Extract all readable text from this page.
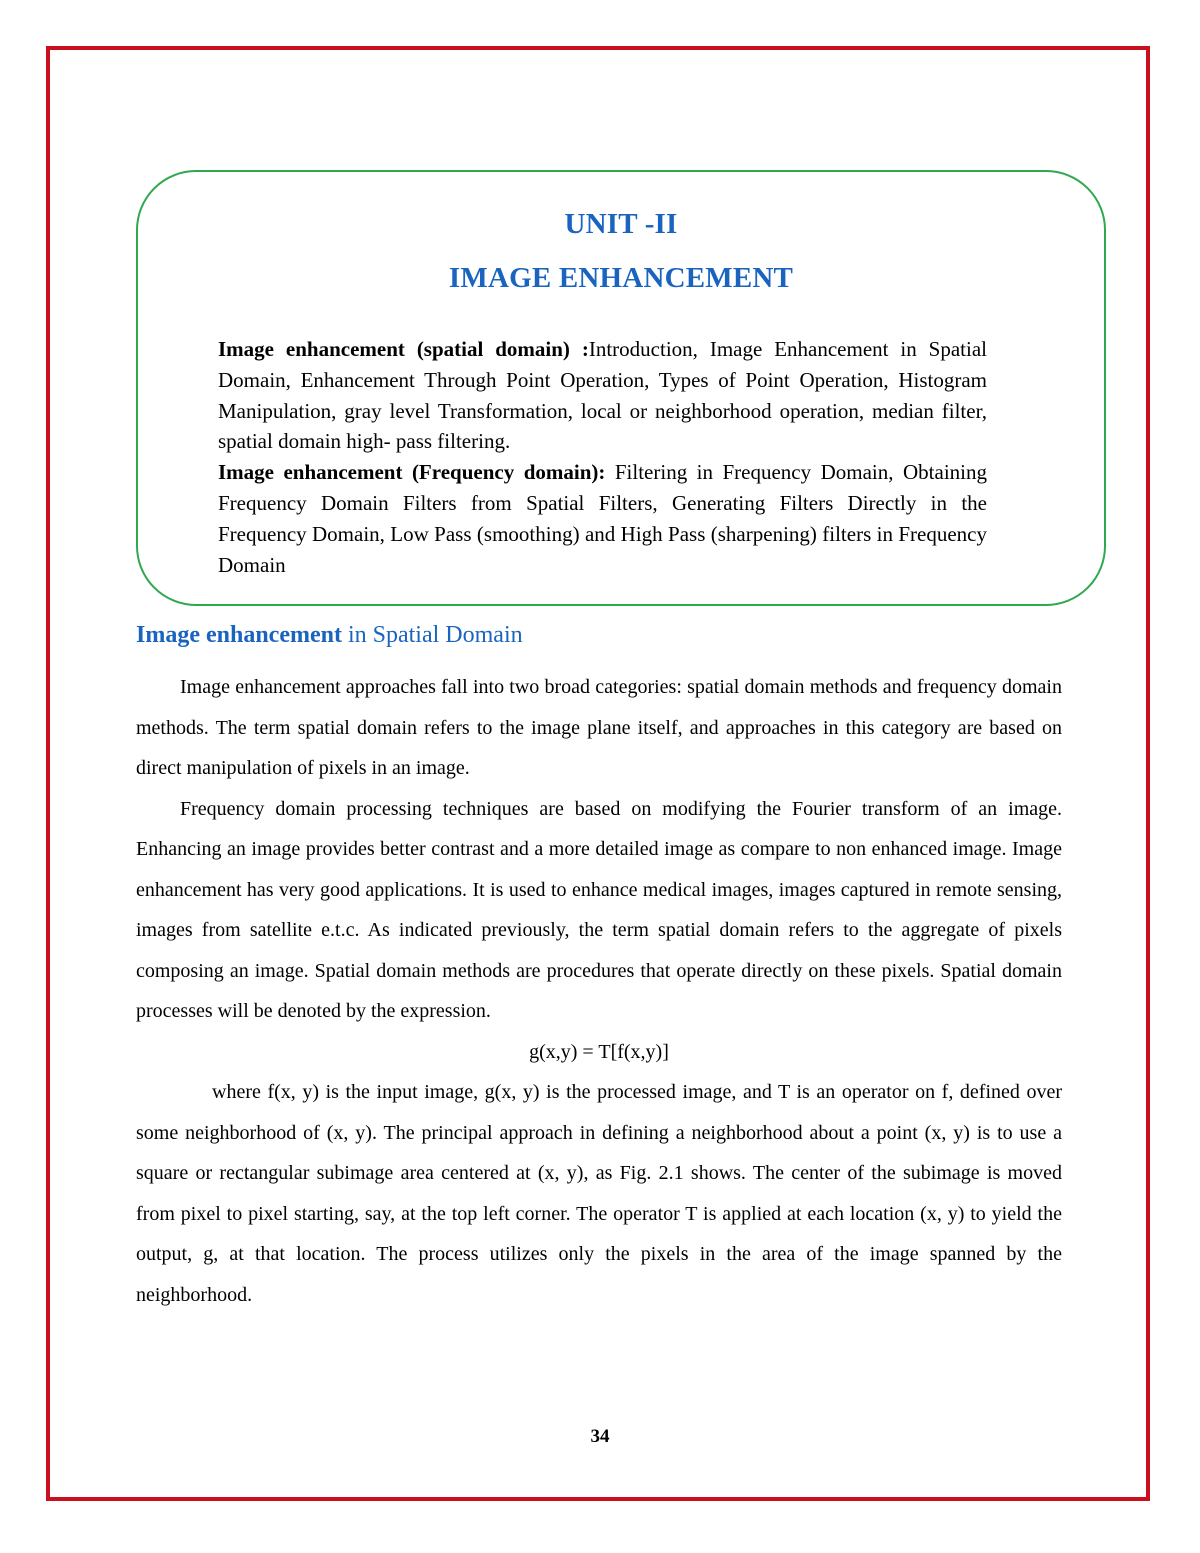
UNIT -II
IMAGE ENHANCEMENT

Image enhancement (spatial domain) :Introduction, Image Enhancement in Spatial Domain, Enhancement Through Point Operation, Types of Point Operation, Histogram Manipulation, gray level Transformation, local or neighborhood operation, median filter, spatial domain high- pass filtering.

Image enhancement (Frequency domain): Filtering in Frequency Domain, Obtaining Frequency Domain Filters from Spatial Filters, Generating Filters Directly in the Frequency Domain, Low Pass (smoothing) and High Pass (sharpening) filters in Frequency Domain

Image enhancement in Spatial Domain

Image enhancement approaches fall into two broad categories: spatial domain methods and frequency domain methods. The term spatial domain refers to the image plane itself, and approaches in this category are based on direct manipulation of pixels in an image.

Frequency domain processing techniques are based on modifying the Fourier transform of an image. Enhancing an image provides better contrast and a more detailed image as compare to non enhanced image. Image enhancement has very good applications. It is used to enhance medical images, images captured in remote sensing, images from satellite e.t.c. As indicated previously, the term spatial domain refers to the aggregate of pixels composing an image. Spatial domain methods are procedures that operate directly on these pixels. Spatial domain processes will be denoted by the expression.

g(x,y) = T[f(x,y)]

where f(x, y) is the input image, g(x, y) is the processed image, and T is an operator on f, defined over some neighborhood of (x, y). The principal approach in defining a neighborhood about a point (x, y) is to use a square or rectangular subimage area centered at (x, y), as Fig. 2.1 shows. The center of the subimage is moved from pixel to pixel starting, say, at the top left corner. The operator T is applied at each location (x, y) to yield the output, g, at that location. The process utilizes only the pixels in the area of the image spanned by the neighborhood.

34
